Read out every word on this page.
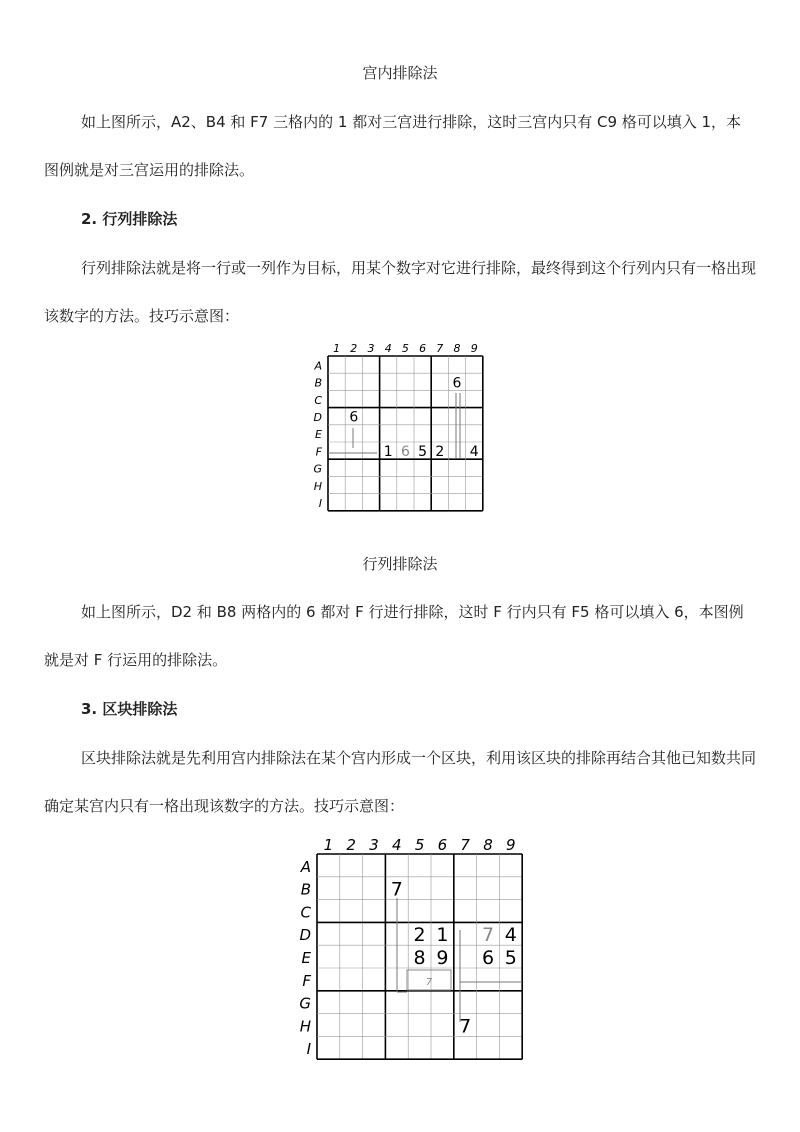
宫内排除法

如上图所示，A2、B4 和 F7 三格内的 1 都对三宫进行排除，这时三宫内只有 C9 格可以填入 1，本图例就是对三宫运用的排除法。

2. 行列排除法

行列排除法就是将一行或一列作为目标，用某个数字对它进行排除，最终得到这个行列内只有一格出现该数字的方法。技巧示意图：

1 2 3 4 5 6 7 8 9
A
B
C
D
E
F
G
H
I
6
6
1 6 5 2 4
行列排除法

如上图所示，D2 和 B8 两格内的 6 都对 F 行进行排除，这时 F 行内只有 F5 格可以填入 6，本图例就是对 F 行运用的排除法。

3. 区块排除法

区块排除法就是先利用宫内排除法在某个宫内形成一个区块，利用该区块的排除再结合其他已知数共同确定某宫内只有一格出现该数字的方法。技巧示意图：

1 2 3 4 5 6 7 8 9
A
B
C
D
E
F
G
H
I
7
7
2 1 7 4
8 9 6 5
7
